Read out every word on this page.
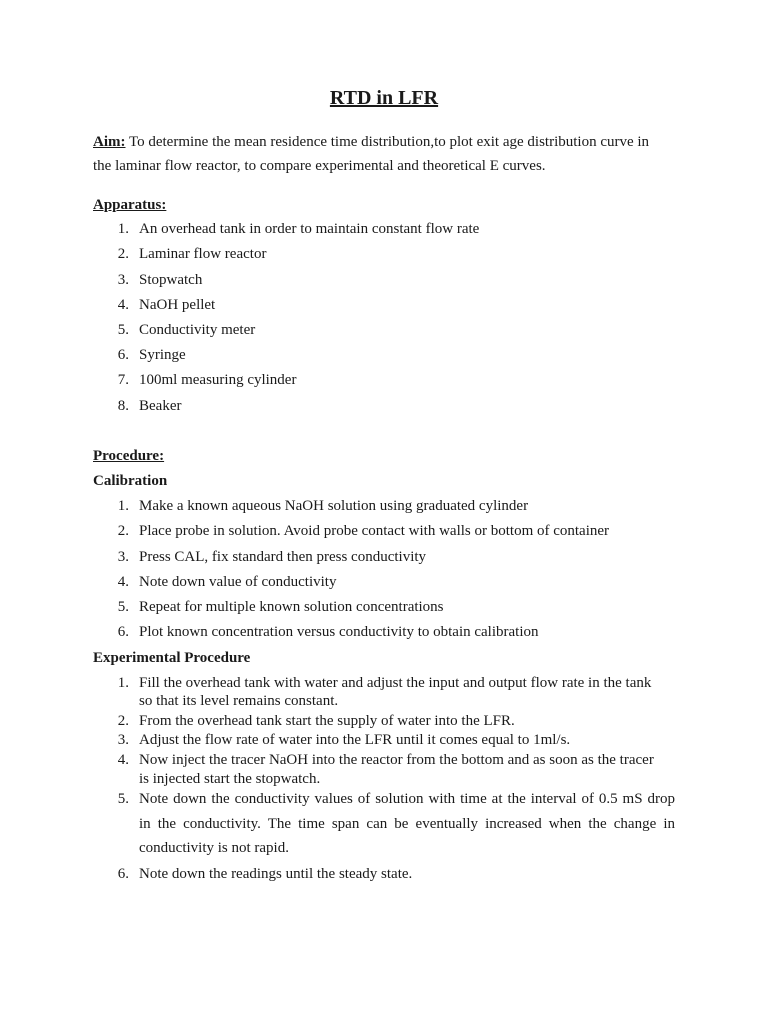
RTD in LFR
Aim: To determine the mean residence time distribution,to plot exit age distribution curve in
the laminar flow reactor, to compare experimental and theoretical E curves.
Apparatus:
1. An overhead tank in order to maintain constant flow rate
2. Laminar flow reactor
3. Stopwatch
4. NaOH pellet
5. Conductivity meter
6. Syringe
7. 100ml measuring cylinder
8. Beaker
Procedure:
Calibration
1. Make a known aqueous NaOH solution using graduated cylinder
2. Place probe in solution. Avoid probe contact with walls or bottom of container
3. Press CAL, fix standard then press conductivity
4. Note down value of conductivity
5. Repeat for multiple known solution concentrations
6. Plot known concentration versus conductivity to obtain calibration
Experimental Procedure
1. Fill the overhead tank with water and adjust the input and output flow rate in the tank
so that its level remains constant.
2. From the overhead tank start the supply of water into the LFR.
3. Adjust the flow rate of water into the LFR until it comes equal to 1ml/s.
4. Now inject the tracer NaOH into the reactor from the bottom and as soon as the tracer
is injected start the stopwatch.
5. Note down the conductivity values of solution with time at the interval of 0.5 mS drop
in the conductivity. The time span can be eventually increased when the change in
conductivity is not rapid.
6. Note down the readings until the steady state.
